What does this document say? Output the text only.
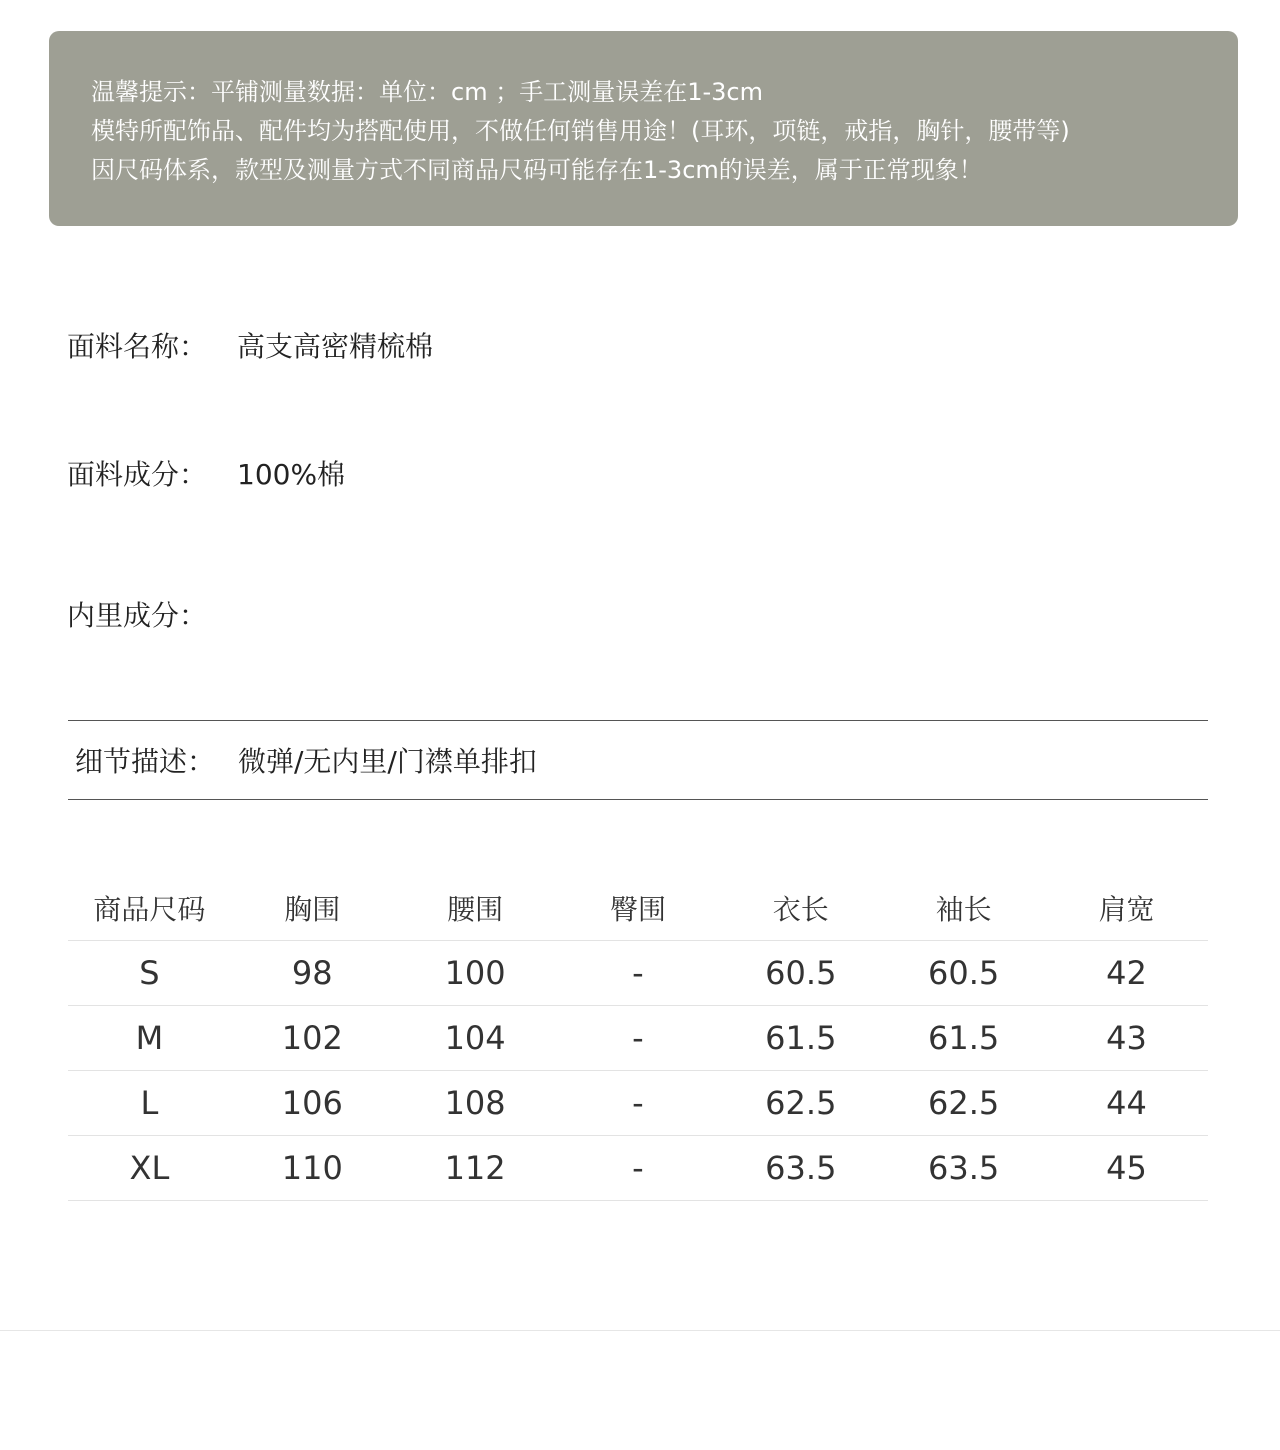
温馨提示：平铺测量数据：单位：cm ；手工测量误差在1-3cm
模特所配饰品、配件均为搭配使用，不做任何销售用途！(耳环，项链，戒指，胸针，腰带等)
因尺码体系，款型及测量方式不同商品尺码可能存在1-3cm的误差，属于正常现象！
面料名称： 高支高密精梳棉
面料成分： 100%棉
内里成分：
细节描述： 微弹/无内里/门襟单排扣
商品尺码	胸围	腰围	臀围	衣长	袖长	肩宽
S	98	100	-	60.5	60.5	42
M	102	104	-	61.5	61.5	43
L	106	108	-	62.5	62.5	44
XL	110	112	-	63.5	63.5	45
